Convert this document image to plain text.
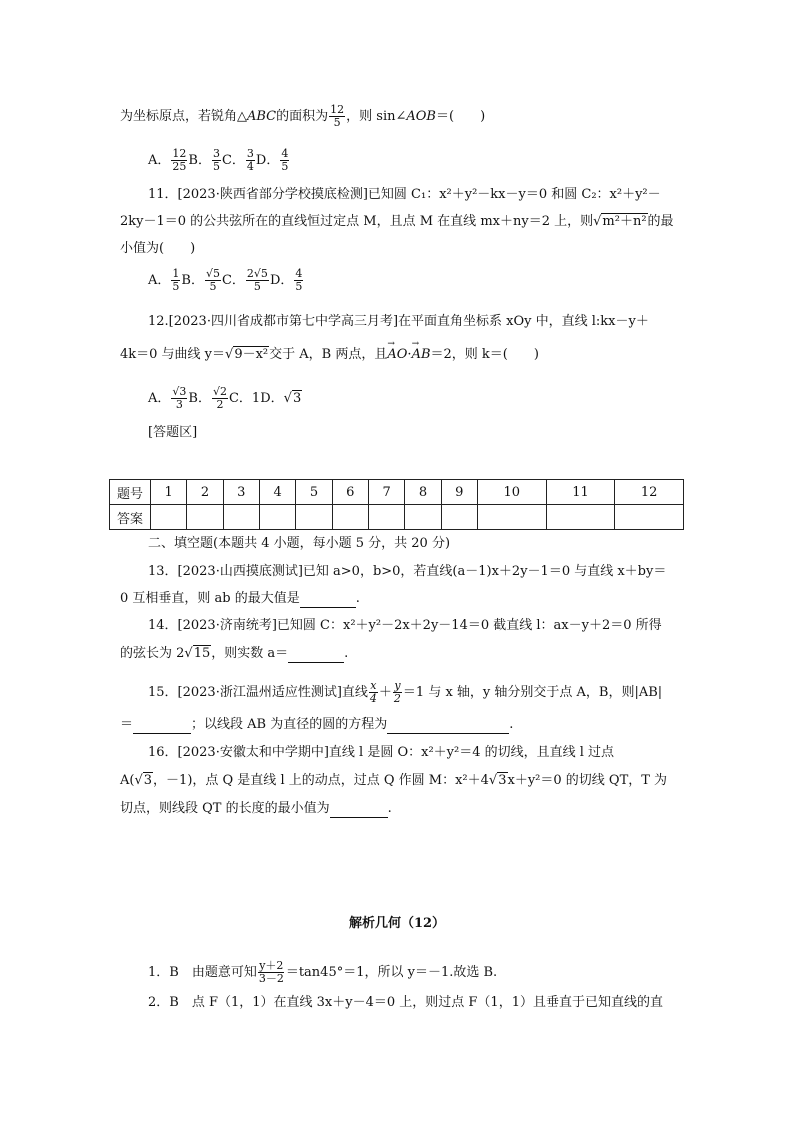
为坐标原点，若锐角△ABC的面积为 $\frac{12}{5}$ ，则 sin∠AOB＝(　　)
A． $\frac{12}{25}$ B． $\frac{3}{5}$ C． $\frac{3}{4}$ D． $\frac{4}{5}$
11．[2023·陕西省部分学校摸底检测]已知圆 C₁：x²＋y²－kx－y＝0 和圆 C₂：x²＋y²－
2ky－1＝0 的公共弦所在的直线恒过定点 M，且点 M 在直线 mx＋ny＝2 上，则√m²＋n²的最
小值为(　　)
A． $\frac{1}{5}$ B． $\frac{√5}{5}$ C． $\frac{2√5}{5}$ D． $\frac{4}{5}$
12.[2023·四川省成都市第七中学高三月考]在平面直角坐标系 xOy 中，直线 l:kx－y＋
4k＝0 与曲线 y＝√9－x²交于 A，B 两点，且→ AO·→ AB＝2，则 k＝(　　)
A． $\frac{√3}{3}$ B． $\frac{√2}{2}$ C．1D．√3
[答题区]
题号	1	2	3	4	5	6	7	8	9	10	11	12
答案												
二、填空题(本题共 4 小题，每小题 5 分，共 20 分)
13．[2023·山西摸底测试]已知 a>0，b>0，若直线(a－1)x＋2y－1＝0 与直线 x＋by＝
0 互相垂直，则 ab 的最大值是	.
14．[2023·济南统考]已知圆 C：x²＋y²－2x＋2y－14＝0 截直线 l：ax－y＋2＝0 所得
的弦长为 2√15，则实数 a＝	.
15．[2023·浙江温州适应性测试]直线 $\frac{x}{4} + \frac{y}{2} =1$ 与 x 轴，y 轴分别交于点 A，B，则|AB|
＝	；以线段 AB 为直径的圆的方程为	.
16．[2023·安徽太和中学期中]直线 l 是圆 O：x²＋y²＝4 的切线，且直线 l 过点
A(√3，－1)，点 Q 是直线 l 上的动点，过点 Q 作圆 M：x²＋4√3x＋y²＝0 的切线 QT，T 为
切点，则线段 QT 的长度的最小值为	.
解析几何（12）
1．B　由题意可知 $\frac{y+2}{3-2} =\tan 45^\circ=1$，所以 y＝－1.故选 B.
2．B　点 F（1，1）在直线 3x＋y－4＝0 上，则过点 F（1，1）且垂直于已知直线的直
